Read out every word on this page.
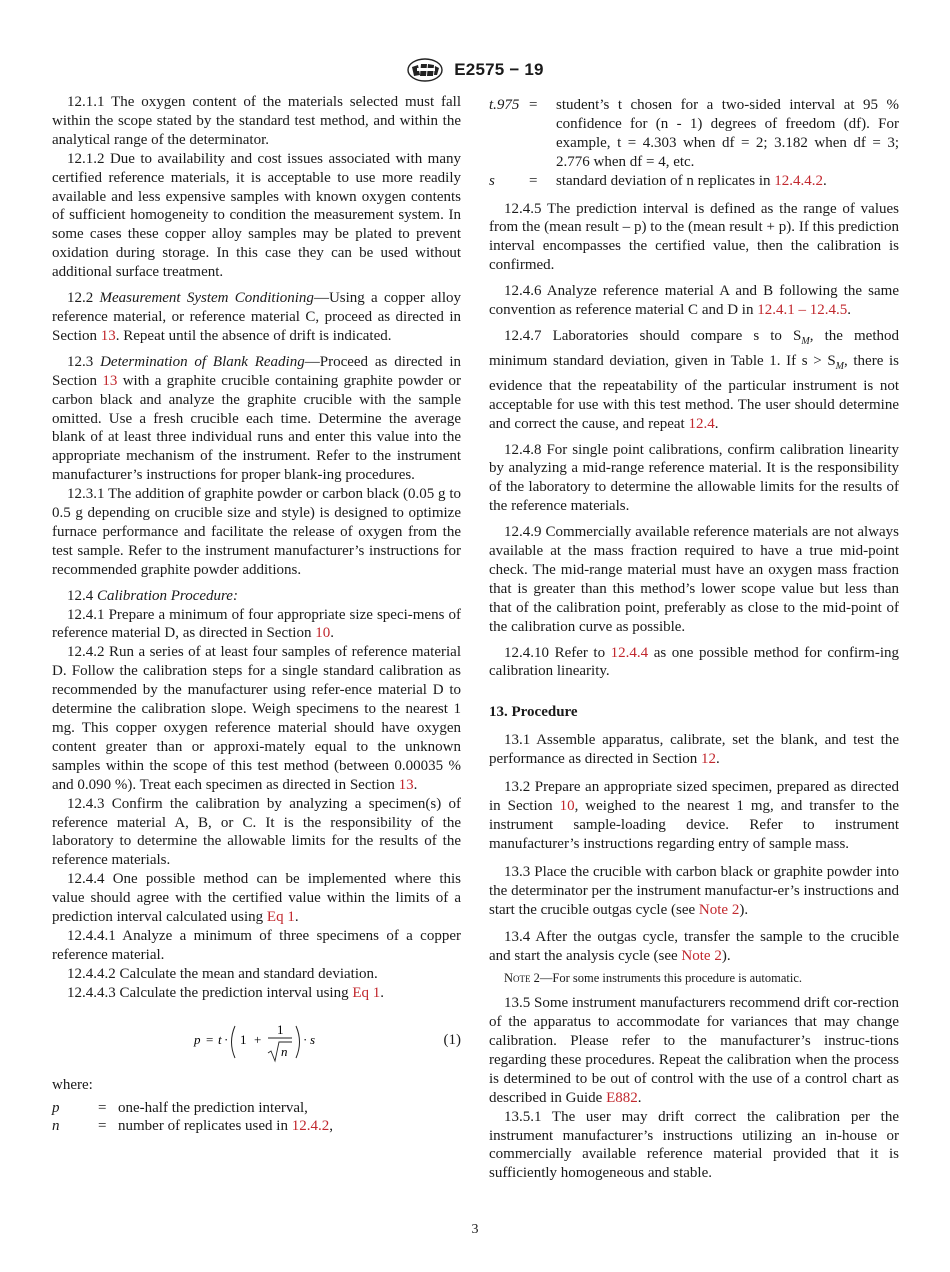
E2575 − 19

12.1.1 The oxygen content of the materials selected must fall within the scope stated by the standard test method, and within the analytical range of the determinator.

12.1.2 Due to availability and cost issues associated with many certified reference materials, it is acceptable to use more readily available and less expensive samples with known oxygen contents of sufficient homogeneity to condition the measurement system. In some cases these copper alloy samples may be plated to prevent oxidation during storage. In this case they can be used without additional surface treatment.

12.2 Measurement System Conditioning—Using a copper alloy reference material, or reference material C, proceed as directed in Section 13. Repeat until the absence of drift is indicated.

12.3 Determination of Blank Reading—Proceed as directed in Section 13 with a graphite crucible containing graphite powder or carbon black and analyze the graphite crucible with the sample omitted. Use a fresh crucible each time. Determine the average blank of at least three individual runs and enter this value into the appropriate mechanism of the instrument. Refer to the instrument manufacturer’s instructions for proper blank-ing procedures.

12.3.1 The addition of graphite powder or carbon black (0.05 g to 0.5 g depending on crucible size and style) is designed to optimize furnace performance and facilitate the release of oxygen from the test sample. Refer to the instrument manufacturer’s instructions for recommended graphite powder additions.

12.4 Calibration Procedure:

12.4.1 Prepare a minimum of four appropriate size speci-mens of reference material D, as directed in Section 10.

12.4.2 Run a series of at least four samples of reference material D. Follow the calibration steps for a single standard calibration as recommended by the manufacturer using refer-ence material D to determine the calibration slope. Weigh specimens to the nearest 1 mg. This copper oxygen reference material should have oxygen content greater than or approxi-mately equal to the unknown samples within the scope of this test method (between 0.00035 % and 0.090 %). Treat each specimen as directed in Section 13.

12.4.3 Confirm the calibration by analyzing a specimen(s) of reference material A, B, or C. It is the responsibility of the laboratory to determine the allowable limits for the results of the reference materials.

12.4.4 One possible method can be implemented where this value should agree with the certified value within the limits of a prediction interval calculated using Eq 1.

12.4.4.1 Analyze a minimum of three specimens of a copper reference material.

12.4.4.2 Calculate the mean and standard deviation.

12.4.4.3 Calculate the prediction interval using Eq 1.

p = t · 1 +
1
n
· s	(1)

where:

p	= one-half the prediction interval,
n	= number of replicates used in 12.4.2,
t.975 =	student’s t chosen for a two-sided interval at 95 % confidence for (n - 1) degrees of freedom (df). For example, t = 4.303 when df = 2; 3.182 when df = 3; 2.776 when df = 4, etc.
s	=	standard deviation of n replicates in 12.4.4.2.

12.4.5 The prediction interval is defined as the range of values from the (mean result – p) to the (mean result + p). If this prediction interval encompasses the certified value, then the calibration is confirmed.

12.4.6 Analyze reference material A and B following the same convention as reference material C and D in 12.4.1 – 12.4.5.

12.4.7 Laboratories should compare s to $S_M$, the method minimum standard deviation, given in Table 1. If $s > S_M$, there is evidence that the repeatability of the particular instrument is not acceptable for use with this test method. The user should determine and correct the cause, and repeat 12.4.

12.4.8 For single point calibrations, confirm calibration linearity by analyzing a mid-range reference material. It is the responsibility of the laboratory to determine the allowable limits for the results of the reference materials.

12.4.9 Commercially available reference materials are not always available at the mass fraction required to have a true mid-point check. The mid-range material must have an oxygen mass fraction that is greater than this method’s lower scope value but less than that of the calibration point, preferably as close to the mid-point of the calibration curve as possible.

12.4.10 Refer to 12.4.4 as one possible method for confirm-ing calibration linearity.

13. Procedure

13.1 Assemble apparatus, calibrate, set the blank, and test the performance as directed in Section 12.

13.2 Prepare an appropriate sized specimen, prepared as directed in Section 10, weighed to the nearest 1 mg, and transfer to the instrument sample-loading device. Refer to instrument manufacturer’s instructions regarding entry of sample mass.

13.3 Place the crucible with carbon black or graphite powder into the determinator per the instrument manufactur-er’s instructions and start the crucible outgas cycle (see Note 2).

13.4 After the outgas cycle, transfer the sample to the crucible and start the analysis cycle (see Note 2).

Note 2—For some instruments this procedure is automatic.

13.5 Some instrument manufacturers recommend drift cor-rection of the apparatus to accommodate for variances that may change calibration. Please refer to the manufacturer’s instruc-tions regarding these procedures. Repeat the calibration when the process is determined to be out of control with the use of a control chart as described in Guide E882.

13.5.1 The user may drift correct the calibration per the instrument manufacturer’s instructions utilizing an in-house or commercially available reference material provided that it is sufficiently homogeneous and stable.

3
